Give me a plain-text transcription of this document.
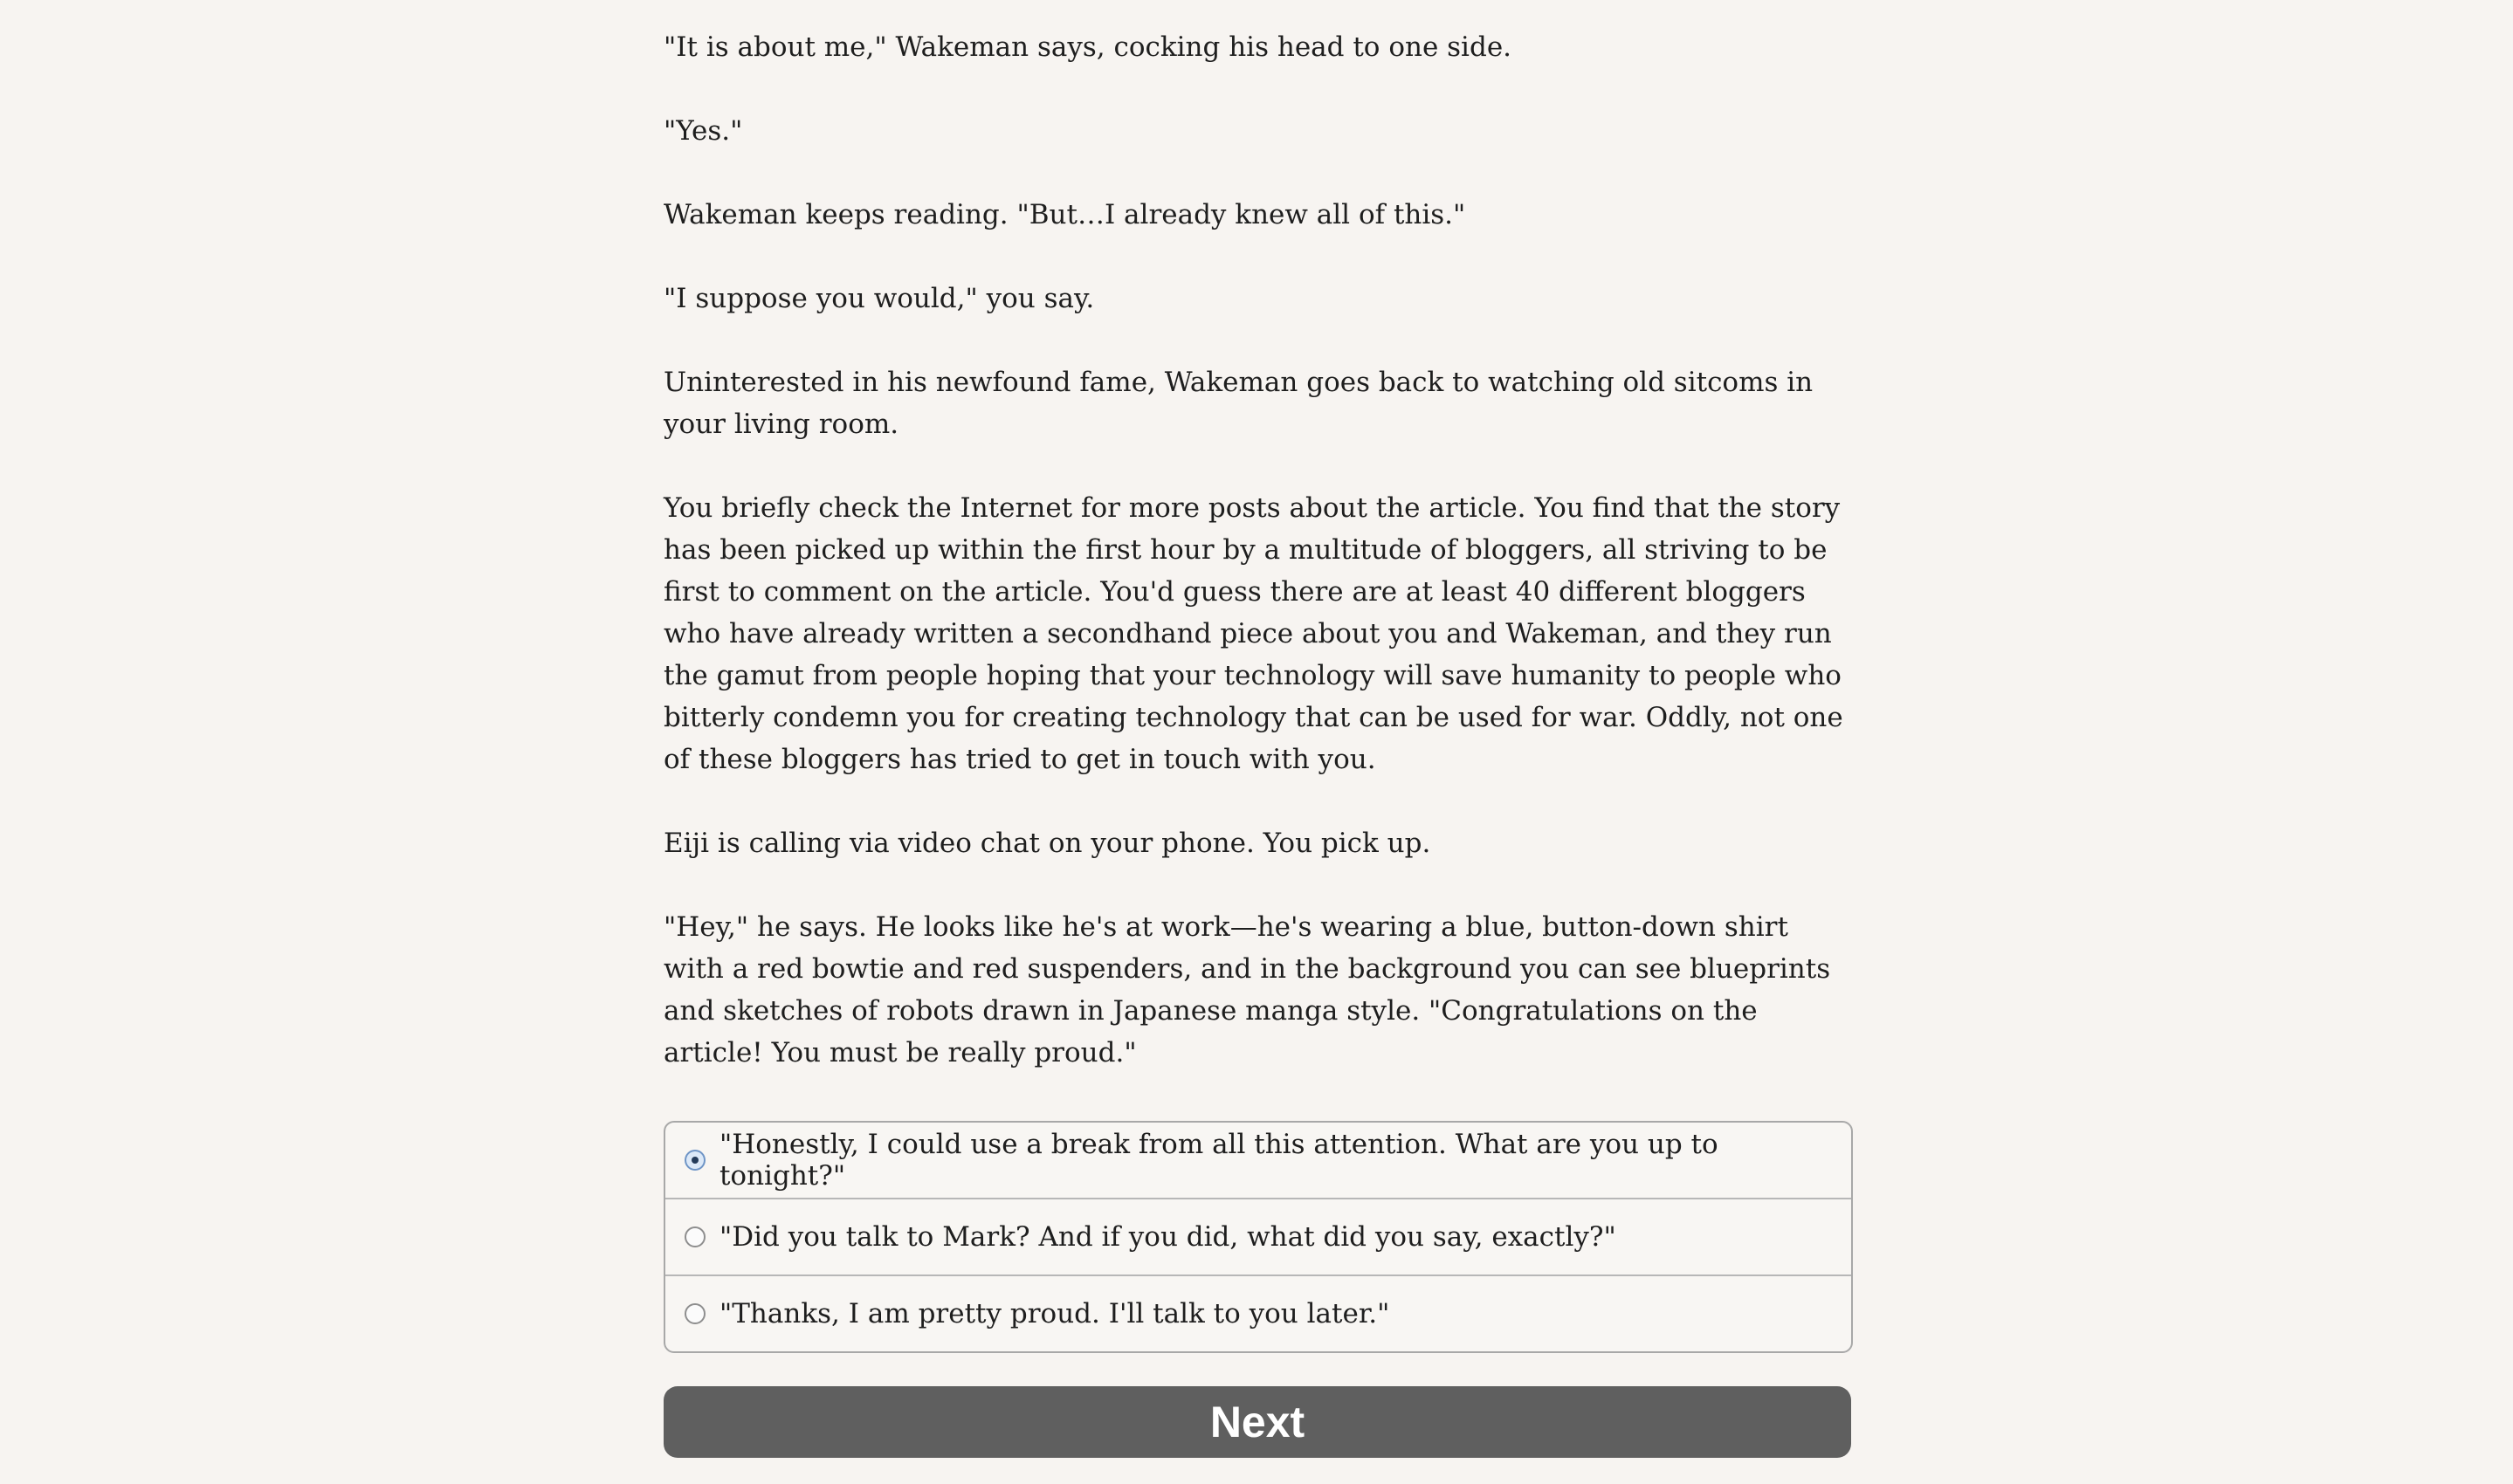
"It is about me," Wakeman says, cocking his head to one side.

"Yes."

Wakeman keeps reading. "But…I already knew all of this."

"I suppose you would," you say.

Uninterested in his newfound fame, Wakeman goes back to watching old sitcoms in your living room.

You briefly check the Internet for more posts about the article. You find that the story has been picked up within the first hour by a multitude of bloggers, all striving to be first to comment on the article. You'd guess there are at least 40 different bloggers who have already written a secondhand piece about you and Wakeman, and they run the gamut from people hoping that your technology will save humanity to people who bitterly condemn you for creating technology that can be used for war. Oddly, not one of these bloggers has tried to get in touch with you.

Eiji is calling via video chat on your phone. You pick up.

"Hey," he says. He looks like he's at work—he's wearing a blue, button-down shirt with a red bowtie and red suspenders, and in the background you can see blueprints and sketches of robots drawn in Japanese manga style. "Congratulations on the article! You must be really proud."

"Honestly, I could use a break from all this attention. What are you up to tonight?"
"Did you talk to Mark? And if you did, what did you say, exactly?"
"Thanks, I am pretty proud. I'll talk to you later."
Next
